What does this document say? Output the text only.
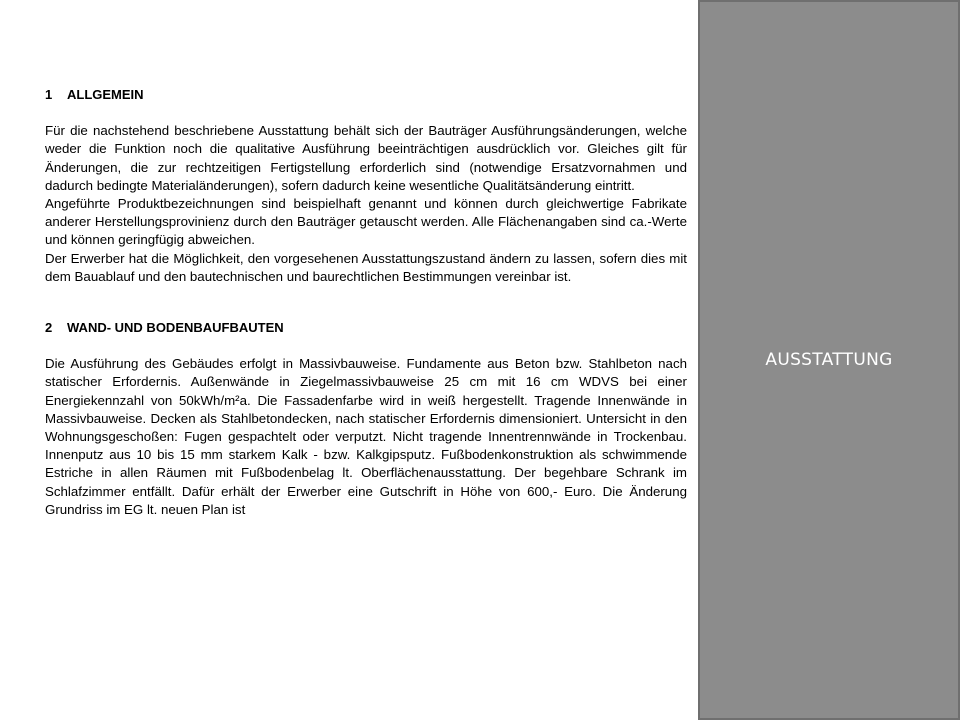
1 ALLGEMEIN

Für die nachstehend beschriebene Ausstattung behält sich der Bauträger Ausführungsänderungen, welche weder die Funktion noch die qualitative Ausführung beeinträchtigen ausdrücklich vor. Gleiches gilt für Änderungen, die zur rechtzeitigen Fertigstellung erforderlich sind (notwendige Ersatzvornahmen und dadurch bedingte Materialänderungen), sofern dadurch keine wesentliche Qualitätsänderung eintritt.

Angeführte Produktbezeichnungen sind beispielhaft genannt und können durch gleichwertige Fabrikate anderer Herstellungsprovinienz durch den Bauträger getauscht werden. Alle Flächenangaben sind ca.-Werte und können geringfügig abweichen.

Der Erwerber hat die Möglichkeit, den vorgesehenen Ausstattungszustand ändern zu lassen, sofern dies mit dem Bauablauf und den bautechnischen und baurechtlichen Bestimmungen vereinbar ist.

2 WAND- UND BODENBAUFBAUTEN

Die Ausführung des Gebäudes erfolgt in Massivbauweise. Fundamente aus Beton bzw. Stahlbeton nach statischer Erfordernis. Außenwände in Ziegelmassivbauweise 25 cm mit 16 cm WDVS bei einer Energiekennzahl von 50kWh/m²a. Die Fassadenfarbe wird in weiß hergestellt. Tragende Innenwände in Massivbauweise. Decken als Stahlbetondecken, nach statischer Erfordernis dimensioniert. Untersicht in den Wohnungsgeschoßen: Fugen gespachtelt oder verputzt. Nicht tragende Innentrennwände in Trockenbau. Innenputz aus 10 bis 15 mm starkem Kalk - bzw. Kalkgipsputz. Fußbodenkonstruktion als schwimmende Estriche in allen Räumen mit Fußbodenbelag lt. Oberflächenausstattung. Der begehbare Schrank im Schlafzimmer entfällt. Dafür erhält der Erwerber eine Gutschrift in Höhe von 600,- Euro. Die Änderung Grundriss im EG lt. neuen Plan ist

AUSSTATTUNG
